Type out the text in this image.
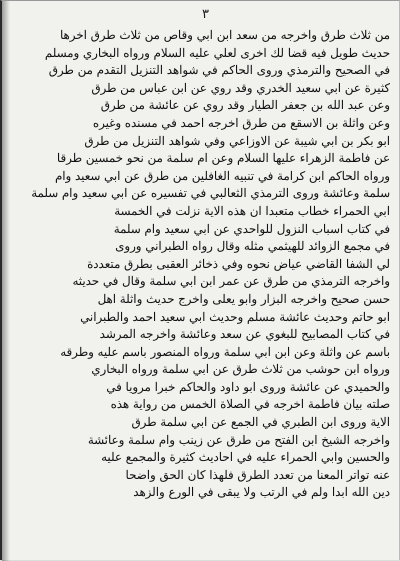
٣
من ثلاث طرق واخرجه من سعد ابن ابي وقاص من ثلاث طرق اخرها
حديث طويل فيه قضا لك اخرى لعلي عليه السلام ورواه البخاري ومسلم
في الصحيح والترمذي وروى الحاكم في شواهد التنزيل التقدم من طرق
كثيرة عن ابي سعيد الخدري وقد روي عن ابن عباس من طرق
وعن عبد الله بن جعفر الطيار وقد روي عن عائشة من طرق
وعن واثلة بن الاسقع من طرق اخرجه احمد في مسنده وغيره
ابو بكر بن ابي شيبة عن الاوزاعي وفي شواهد التنزيل من طرق
عن فاطمة الزهراء عليها السلام وعن ام سلمة من نحو خمسين طرقا
ورواه الحاكم ابن كرامة في تنبيه الغافلين من طرق عن ابي سعيد وام
سلمة وعائشة وروى الترمذي الثعالبي في تفسيره عن ابي سعيد وام سلمة
ابي الحمراء خطاب متعبدا ان هذه الاية نزلت في الخمسة
في كتاب اسباب النزول للواحدي عن ابي سعيد وام سلمة
في مجمع الزوائد للهيثمي مثله وقال رواه الطبراني وروى
لي الشفا القاضي عياض نحوه وفي ذخائر العقبى بطرق متعددة
واخرجه الترمذي من طرق عن عمر ابن ابي سلمة وقال في حديثه
حسن صحيح واخرجه البزار وابو يعلى واخرج حديث واثلة اهل
ابو حاتم وحديث عائشة مسلم وحديث ابي سعيد احمد والطبراني
في كتاب المصابيح للبغوي عن سعد وعائشة واخرجه المرشد
باسم عن واثلة وعن ابن ابي سلمة ورواه المنصور باسم عليه وطرقه
ورواه ابن حوشب من ثلاث طرق عن ابي سلمة ورواه البخاري
والحميدي عن عائشة وروى ابو داود والحاكم خبرا مرويا في
صلته بيان فاطمة اخرجه في الصلاة الخمس من رواية هذه
الاية وروى ابن الطبري في الجمع عن ابي سلمة طرق
واخرجه الشيخ ابن الفتح من طرق عن زينب وام سلمة وعائشة
والحسين وابي الحمراء عليه في احاديث كثيرة والمجمع عليه
عنه تواتر المعنا من تعدد الطرق فلهذا كان الحق واضحا
دين الله ابدا ولم في الرتب ولا يبقى في الورع والزهد
